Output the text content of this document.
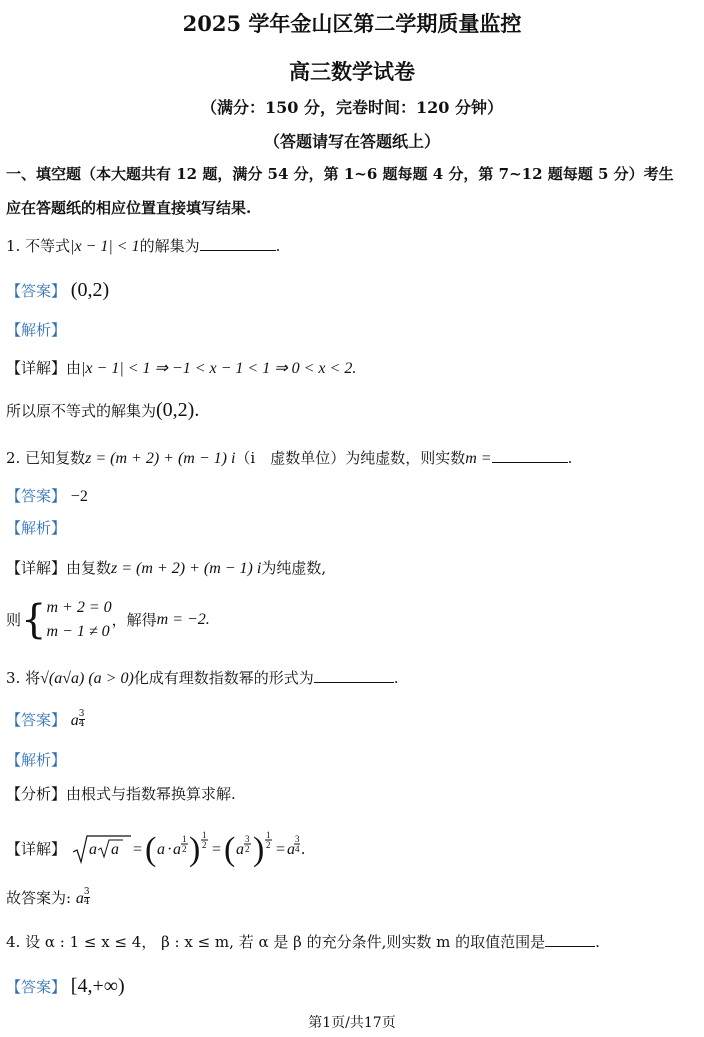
2025 学年金山区第二学期质量监控
高三数学试卷
（满分：150 分，完卷时间：120 分钟）
（答题请写在答题纸上）
一、填空题（本大题共有 12 题，满分 54 分，第 1~6 题每题 4 分，第 7~12 题每题 5 分）考生
应在答题纸的相应位置直接填写结果.
1. 不等式|x − 1| < 1的解集为	.
【答案】 (0,2)
【解析】
【详解】由|x − 1| < 1 ⇒ −1 < x − 1 < 1 ⇒ 0 < x < 2.
所以原不等式的解集为(0,2).
2. 已知复数z = (m + 2) + (m − 1) i（i　虚数单位）为纯虚数，则实数m =	.
【答案】 −2
【解析】
【详解】由复数z = (m + 2) + (m − 1) i为纯虚数,
则{ m + 2 = 0
m − 1 ≠ 0
，解得m = −2.
3. 将√(a√a) (a > 0)化成有理数指数幂的形式为	.
【答案】 a $\frac{3}{4}$
【解析】
【分析】由根式与指数幂换算求解.
【详解】 a a = ( a · a
1
2 ) 1
2 = ( a
3
2 ) 1
2 = a
3
4 .
故答案为: a $\frac{3}{4}$
4. 设 α : 1 ≤ x ≤ 4， β : x ≤ m, 若 α 是 β 的充分条件,则实数 m 的取值范围是	.
【答案】 [4,+∞)
第1页/共17页
